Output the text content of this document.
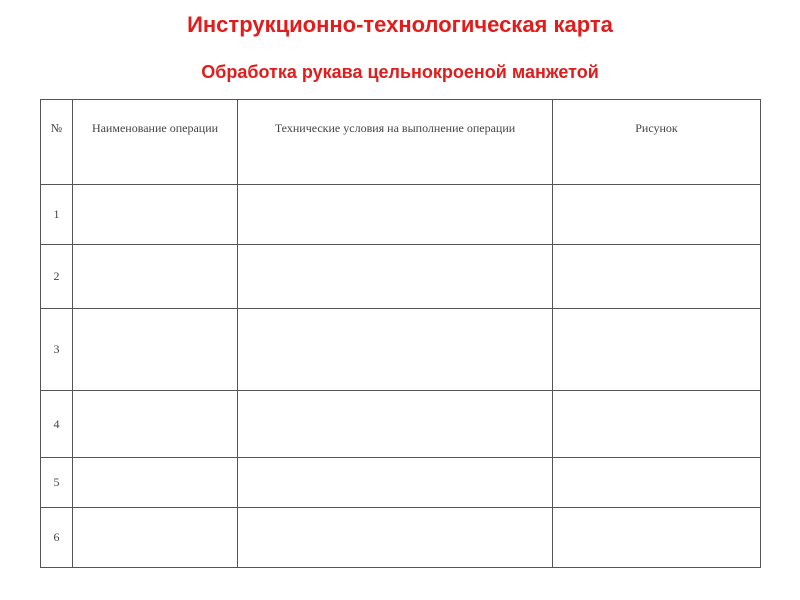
Инструкционно-технологическая карта
Обработка рукава цельнокроеной манжетой
№	Наименование операции	Технические условия на выполнение операции	Рисунок
1			
2			
3			
4			
5			
6			
